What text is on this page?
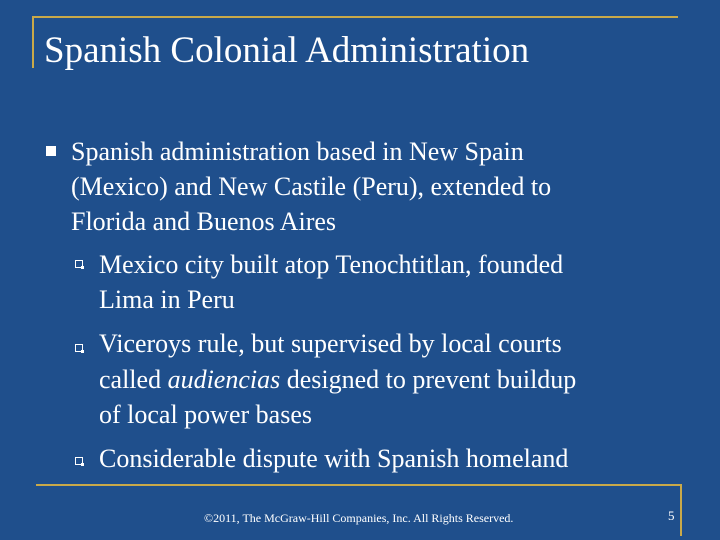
Spanish Colonial Administration
Spanish administration based in New Spain
(Mexico) and New Castile (Peru), extended to
Florida and Buenos Aires
Mexico city built atop Tenochtitlan, founded
Lima in Peru
Viceroys rule, but supervised by local courts
called audiencias designed to prevent buildup
of local power bases
Considerable dispute with Spanish homeland
©2011, The McGraw-Hill Companies, Inc. All Rights Reserved.	5
